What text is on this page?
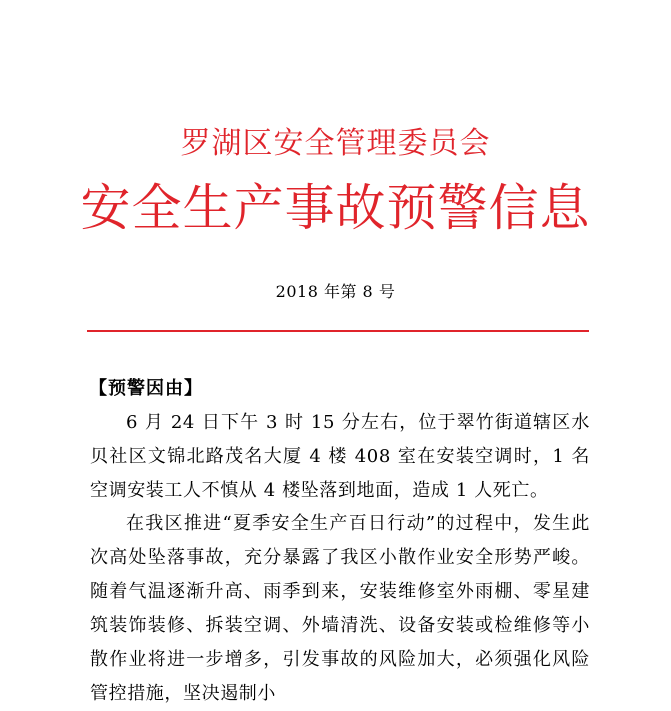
罗湖区安全管理委员会
安全生产事故预警信息
2018 年第 8 号
【预警因由】

6 月 24 日下午 3 时 15 分左右，位于翠竹街道辖区水贝社区文锦北路茂名大厦 4 楼 408 室在安装空调时，1 名空调安装工人不慎从 4 楼坠落到地面，造成 1 人死亡。

在我区推进“夏季安全生产百日行动”的过程中，发生此次高处坠落事故，充分暴露了我区小散作业安全形势严峻。随着气温逐渐升高、雨季到来，安装维修室外雨棚、零星建筑装饰装修、拆装空调、外墙清洗、设备安装或检维修等小散作业将进一步增多，引发事故的风险加大，必须强化风险管控措施，坚决遏制小
